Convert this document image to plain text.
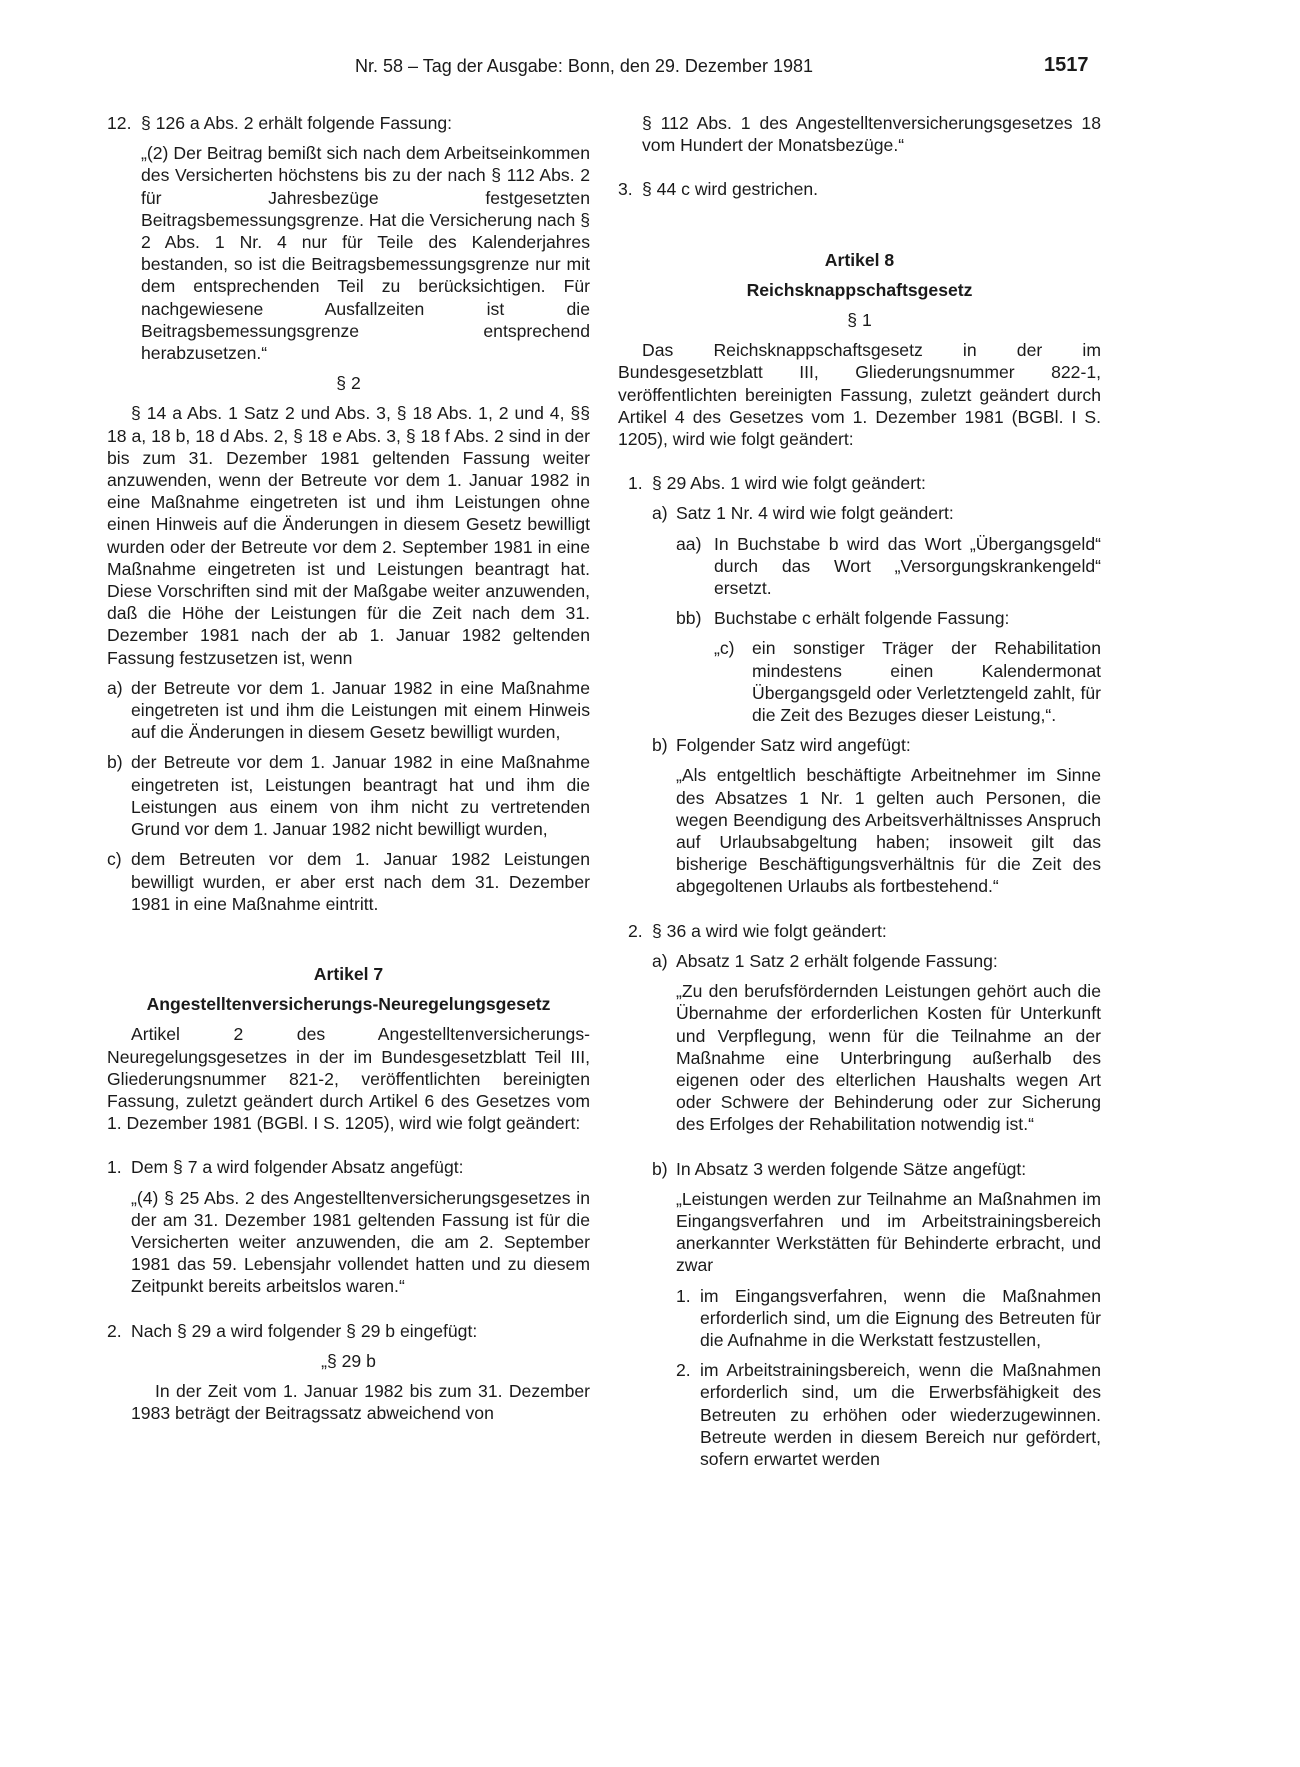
Nr. 58 – Tag der Ausgabe: Bonn, den 29. Dezember 1981	1517
12. § 126 a Abs. 2 erhält folgende Fassung:

„(2) Der Beitrag bemißt sich nach dem Arbeitseinkommen des Versicherten höchstens bis zu der nach § 112 Abs. 2 für Jahresbezüge festgesetzten Beitragsbemessungsgrenze. Hat die Versicherung nach § 2 Abs. 1 Nr. 4 nur für Teile des Kalenderjahres bestanden, so ist die Beitragsbemessungsgrenze nur mit dem entsprechenden Teil zu berücksichtigen. Für nachgewiesene Ausfallzeiten ist die Beitragsbemessungsgrenze entsprechend herabzusetzen.“

§ 2

§ 14 a Abs. 1 Satz 2 und Abs. 3, § 18 Abs. 1, 2 und 4, §§ 18 a, 18 b, 18 d Abs. 2, § 18 e Abs. 3, § 18 f Abs. 2 sind in der bis zum 31. Dezember 1981 geltenden Fassung weiter anzuwenden, wenn der Betreute vor dem 1. Januar 1982 in eine Maßnahme eingetreten ist und ihm Leistungen ohne einen Hinweis auf die Änderungen in diesem Gesetz bewilligt wurden oder der Betreute vor dem 2. September 1981 in eine Maßnahme eingetreten ist und Leistungen beantragt hat. Diese Vorschriften sind mit der Maßgabe weiter anzuwenden, daß die Höhe der Leistungen für die Zeit nach dem 31. Dezember 1981 nach der ab 1. Januar 1982 geltenden Fassung festzusetzen ist, wenn

a) der Betreute vor dem 1. Januar 1982 in eine Maßnahme eingetreten ist und ihm die Leistungen mit einem Hinweis auf die Änderungen in diesem Gesetz bewilligt wurden,

b) der Betreute vor dem 1. Januar 1982 in eine Maßnahme eingetreten ist, Leistungen beantragt hat und ihm die Leistungen aus einem von ihm nicht zu vertretenden Grund vor dem 1. Januar 1982 nicht bewilligt wurden,

c) dem Betreuten vor dem 1. Januar 1982 Leistungen bewilligt wurden, er aber erst nach dem 31. Dezember 1981 in eine Maßnahme eintritt.

Artikel 7

Angestelltenversicherungs-Neuregelungsgesetz

Artikel 2 des Angestelltenversicherungs-Neuregelungsgesetzes in der im Bundesgesetzblatt Teil III, Gliederungsnummer 821-2, veröffentlichten bereinigten Fassung, zuletzt geändert durch Artikel 6 des Gesetzes vom 1. Dezember 1981 (BGBl. I S. 1205), wird wie folgt geändert:

1. Dem § 7 a wird folgender Absatz angefügt:

„(4) § 25 Abs. 2 des Angestelltenversicherungsgesetzes in der am 31. Dezember 1981 geltenden Fassung ist für die Versicherten weiter anzuwenden, die am 2. September 1981 das 59. Lebensjahr vollendet hatten und zu diesem Zeitpunkt bereits arbeitslos waren.“

2. Nach § 29 a wird folgender § 29 b eingefügt:

„§ 29 b

In der Zeit vom 1. Januar 1982 bis zum 31. Dezember 1983 beträgt der Beitragssatz abweichend von

§ 112 Abs. 1 des Angestelltenversicherungsgesetzes 18 vom Hundert der Monatsbezüge.“

3. § 44 c wird gestrichen.

Artikel 8

Reichsknappschaftsgesetz

§ 1

Das Reichsknappschaftsgesetz in der im Bundesgesetzblatt III, Gliederungsnummer 822-1, veröffentlichten bereinigten Fassung, zuletzt geändert durch Artikel 4 des Gesetzes vom 1. Dezember 1981 (BGBl. I S. 1205), wird wie folgt geändert:

1. § 29 Abs. 1 wird wie folgt geändert:

a) Satz 1 Nr. 4 wird wie folgt geändert:

aa) In Buchstabe b wird das Wort „Übergangsgeld“ durch das Wort „Versorgungskrankengeld“ ersetzt.

bb) Buchstabe c erhält folgende Fassung:

„c) ein sonstiger Träger der Rehabilitation mindestens einen Kalendermonat Übergangsgeld oder Verletztengeld zahlt, für die Zeit des Bezuges dieser Leistung,“.

b) Folgender Satz wird angefügt:

„Als entgeltlich beschäftigte Arbeitnehmer im Sinne des Absatzes 1 Nr. 1 gelten auch Personen, die wegen Beendigung des Arbeitsverhältnisses Anspruch auf Urlaubsabgeltung haben; insoweit gilt das bisherige Beschäftigungsverhältnis für die Zeit des abgegoltenen Urlaubs als fortbestehend.“

2. § 36 a wird wie folgt geändert:

a) Absatz 1 Satz 2 erhält folgende Fassung:

„Zu den berufsfördernden Leistungen gehört auch die Übernahme der erforderlichen Kosten für Unterkunft und Verpflegung, wenn für die Teilnahme an der Maßnahme eine Unterbringung außerhalb des eigenen oder des elterlichen Haushalts wegen Art oder Schwere der Behinderung oder zur Sicherung des Erfolges der Rehabilitation notwendig ist.“

b) In Absatz 3 werden folgende Sätze angefügt:

„Leistungen werden zur Teilnahme an Maßnahmen im Eingangsverfahren und im Arbeitstrainingsbereich anerkannter Werkstätten für Behinderte erbracht, und zwar

1. im Eingangsverfahren, wenn die Maßnahmen erforderlich sind, um die Eignung des Betreuten für die Aufnahme in die Werkstatt festzustellen,

2. im Arbeitstrainingsbereich, wenn die Maßnahmen erforderlich sind, um die Erwerbsfähigkeit des Betreuten zu erhöhen oder wiederzugewinnen. Betreute werden in diesem Bereich nur gefördert, sofern erwartet werden
